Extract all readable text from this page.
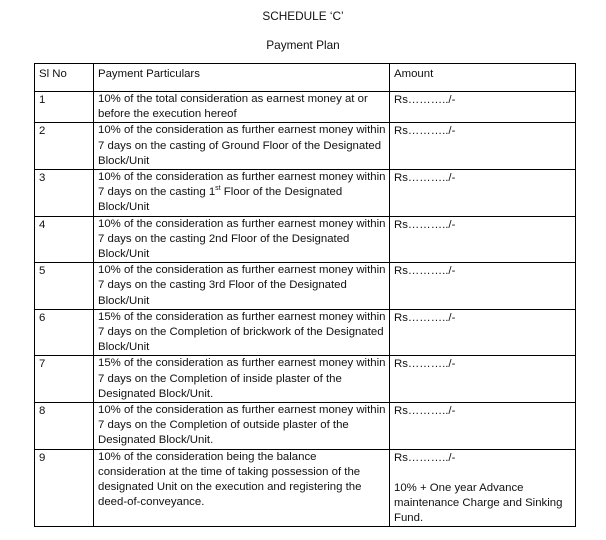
SCHEDULE ‘C’
Payment Plan
Sl No	Payment Particulars	Amount
1	10% of the total consideration as earnest money at or before the execution hereof	Rs………../-

2	10% of the consideration as further earnest money within 7 days on the casting of Ground Floor of the Designated Block/Unit	Rs………../-

3	10% of the consideration as further earnest money within 7 days on the casting 1st Floor of the Designated Block/Unit	Rs………../-

4	10% of the consideration as further earnest money within 7 days on the casting 2nd Floor of the Designated Block/Unit	Rs………../-

5	10% of the consideration as further earnest money within 7 days on the casting 3rd Floor of the Designated Block/Unit	Rs………../-

6	15% of the consideration as further earnest money within 7 days on the Completion of brickwork of the Designated Block/Unit	Rs………../-

7	15% of the consideration as further earnest money within 7 days on the Completion of inside plaster of the Designated Block/Unit.	Rs………../-

8	10% of the consideration as further earnest money within 7 days on the Completion of outside plaster of the Designated Block/Unit.	Rs………../-

9	10% of the consideration being the balance consideration at the time of taking possession of the designated Unit on the execution and registering the deed-of-conveyance.	Rs………../-
10% + One year Advance maintenance Charge and Sinking Fund.
